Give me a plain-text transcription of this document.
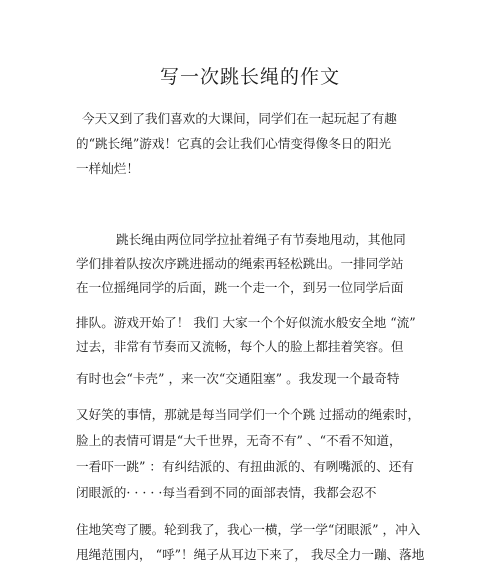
写一次跳长绳的作文
今天又到了我们喜欢的大课间，同学们在一起玩起了有趣
的“跳长绳”游戏！它真的会让我们心情变得像冬日的阳光
一样灿烂！
跳长绳由两位同学拉扯着绳子有节奏地甩动，其他同
学们排着队按次序跳进摇动的绳索再轻松跳出。一排同学站
在一位摇绳同学的后面，跳一个走一个，到另一位同学后面
排队。游戏开始了！ 我们 大家一个个好似流水般安全地 “流”
过去，非常有节奏而又流畅，每个人的脸上都挂着笑容。但
有时也会“卡壳” ，来一次“交通阻塞” 。我发现一个最奇特
又好笑的事情，那就是每当同学们一个个跳 过摇动的绳索时，
脸上的表情可谓是“大千世界，无奇不有” 、“不看不知道，
一看吓一跳” ：有纠结派的、有扭曲派的、有咧嘴派的、还有
闭眼派的· · · · ·每当看到不同的面部表情，我都会忍不
住地笑弯了腰。轮到我了，我心一横，学一学“闭眼派” ，冲入
甩绳范围内， “呼”！绳子从耳边下来了， 我尽全力一蹦、落地
